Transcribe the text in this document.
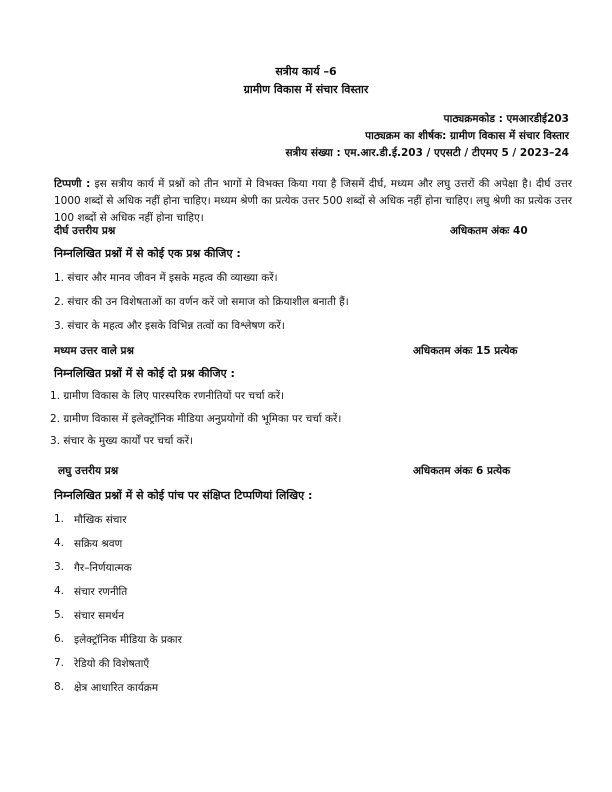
सत्रीय कार्य –6
ग्रामीण विकास में संचार विस्तार
पाठ्यक्रमकोड : एमआरडीई203
पाठ्यक्रम का शीर्षक: ग्रामीण विकास में संचार विस्तार
सत्रीय संख्या : एम.आर.डी.ई.203 / एएसटी / टीएमए 5 / 2023–24
टिप्पणी : इस सत्रीय कार्य में प्रश्नों को तीन भागों मे विभक्त किया गया है जिसमें दीर्घ, मध्यम और लघु उत्तरों की अपेक्षा है। दीर्घ उत्तर 1000 शब्दों से अधिक नहीं होना चाहिए। मध्यम श्रेणी का प्रत्येक उत्तर 500 शब्दों से अधिक नहीं होना चाहिए। लघु श्रेणी का प्रत्येक उत्तर 100 शब्दों से अधिक नहीं होना चाहिए।
दीर्घ उत्तरीय प्रश्न	अधिकतम अंकः 40
निम्नलिखित प्रश्नों में से कोई एक प्रश्न कीजिए :
1. संचार और मानव जीवन में इसके महत्व की व्याख्या करें।
2. संचार की उन विशेषताओं का वर्णन करें जो समाज को क्रियाशील बनाती हैं।
3. संचार के महत्व और इसके विभिन्न तत्वों का विश्लेषण करें।
मध्यम उत्तर वाले प्रश्न	अधिकतम अंकः 15 प्रत्येक
निम्नलिखित प्रश्नों में से कोई दो प्रश्न कीजिए :
1. ग्रामीण विकास के लिए पारस्परिक रणनीतियों पर चर्चा करें।
2. ग्रामीण विकास में इलेक्ट्रॉनिक मीडिया अनुप्रयोगों की भूमिका पर चर्चा करें।
3. संचार के मुख्य कार्यों पर चर्चा करें।
लघु उत्तरीय प्रश्न	अधिकतम अंकः 6 प्रत्येक
निम्नलिखित प्रश्नों में से कोई पांच पर संक्षिप्त टिप्पणियां लिखिए :
1. मौखिक संचार
4. सक्रिय श्रवण
3. गैर–निर्णयात्मक
4. संचार रणनीति
5. संचार समर्थन
6. इलेक्ट्रॉनिक मीडिया के प्रकार
7. रेडियो की विशेषताएँ
8. क्षेत्र आधारित कार्यक्रम
